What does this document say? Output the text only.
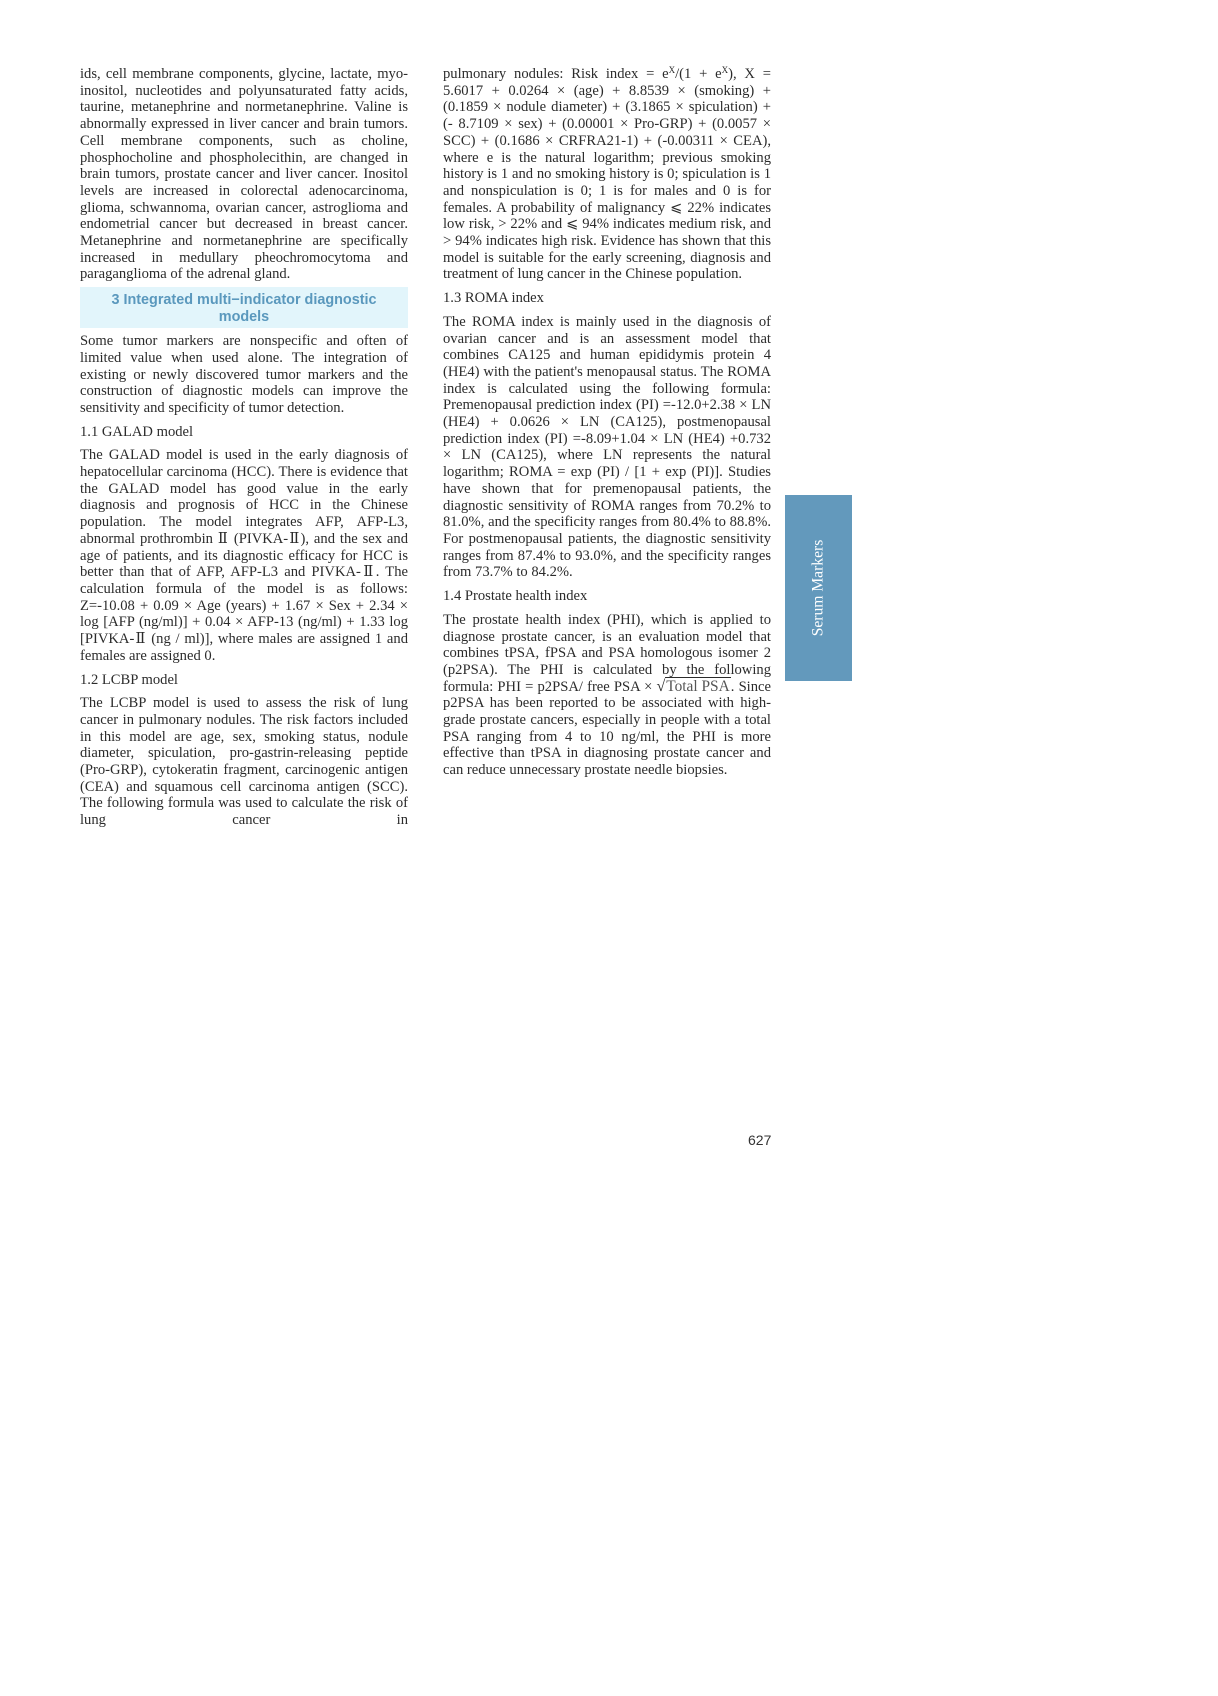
ids, cell membrane components, glycine, lactate, myo-inositol, nucleotides and polyunsaturated fatty acids, taurine, metanephrine and normetanephrine. Valine is abnormally expressed in liver cancer and brain tumors. Cell membrane components, such as choline, phosphocholine and phospholecithin, are changed in brain tumors, prostate cancer and liver cancer. Inositol levels are increased in colorectal adenocarcinoma, glioma, schwannoma, ovarian cancer, astroglioma and endometrial cancer but decreased in breast cancer. Metanephrine and normetanephrine are specifically increased in medullary pheochromocytoma and paraganglioma of the adrenal gland.

3 Integrated multi−indicator diagnostic models

Some tumor markers are nonspecific and often of limited value when used alone. The integration of existing or newly discovered tumor markers and the construction of diagnostic models can improve the sensitivity and specificity of tumor detection.

1.1 GALAD model

The GALAD model is used in the early diagnosis of hepatocellular carcinoma (HCC). There is evidence that the GALAD model has good value in the early diagnosis and prognosis of HCC in the Chinese population. The model integrates AFP, AFP-L3, abnormal prothrombin Ⅱ (PIVKA-Ⅱ), and the sex and age of patients, and its diagnostic efficacy for HCC is better than that of AFP, AFP-L3 and PIVKA-Ⅱ. The calculation formula of the model is as follows: Z=-10.08 + 0.09 × Age (years) + 1.67 × Sex + 2.34 × log [AFP (ng/ml)] + 0.04 × AFP-13 (ng/ml) + 1.33 log [PIVKA-Ⅱ (ng / ml)], where males are assigned 1 and females are assigned 0.

1.2 LCBP model

The LCBP model is used to assess the risk of lung cancer in pulmonary nodules. The risk factors included in this model are age, sex, smoking status, nodule diameter, spiculation, pro-gastrin-releasing peptide (Pro-GRP), cytokeratin fragment, carcinogenic antigen (CEA) and squamous cell carcinoma antigen (SCC). The following formula was used to calculate the risk of lung cancer in

pulmonary nodules: Risk index = $e^X/(1 + e^X)$, X = 5.6017 + 0.0264 × (age) + 8.8539 × (smoking) + (0.1859 × nodule diameter) + (3.1865 × spiculation) + (- 8.7109 × sex) + (0.00001 × Pro-GRP) + (0.0057 × SCC) + (0.1686 × CRFRA21-1) + (-0.00311 × CEA), where e is the natural logarithm; previous smoking history is 1 and no smoking history is 0; spiculation is 1 and nonspiculation is 0; 1 is for males and 0 is for females. A probability of malignancy ⩽ 22% indicates low risk, > 22% and ⩽ 94% indicates medium risk, and > 94% indicates high risk. Evidence has shown that this model is suitable for the early screening, diagnosis and treatment of lung cancer in the Chinese population.

1.3 ROMA index

The ROMA index is mainly used in the diagnosis of ovarian cancer and is an assessment model that combines CA125 and human epididymis protein 4 (HE4) with the patient's menopausal status. The ROMA index is calculated using the following formula: Premenopausal prediction index (PI) =-12.0+2.38 × LN (HE4) + 0.0626 × LN (CA125), postmenopausal prediction index (PI) =-8.09+1.04 × LN (HE4) +0.732 × LN (CA125), where LN represents the natural logarithm; ROMA = exp (PI) / [1 + exp (PI)]. Studies have shown that for premenopausal patients, the diagnostic sensitivity of ROMA ranges from 70.2% to 81.0%, and the specificity ranges from 80.4% to 88.8%. For postmenopausal patients, the diagnostic sensitivity ranges from 87.4% to 93.0%, and the specificity ranges from 73.7% to 84.2%.

1.4 Prostate health index

The prostate health index (PHI), which is applied to diagnose prostate cancer, is an evaluation model that combines tPSA, fPSA and PSA homologous isomer 2 (p2PSA). The PHI is calculated by the following formula: PHI = p2PSA/ free PSA × √Total PSA. Since p2PSA has been reported to be associated with high-grade prostate cancers, especially in people with a total PSA ranging from 4 to 10 ng/ml, the PHI is more effective than tPSA in diagnosing prostate cancer and can reduce unnecessary prostate needle biopsies.

Serum Markers
627
